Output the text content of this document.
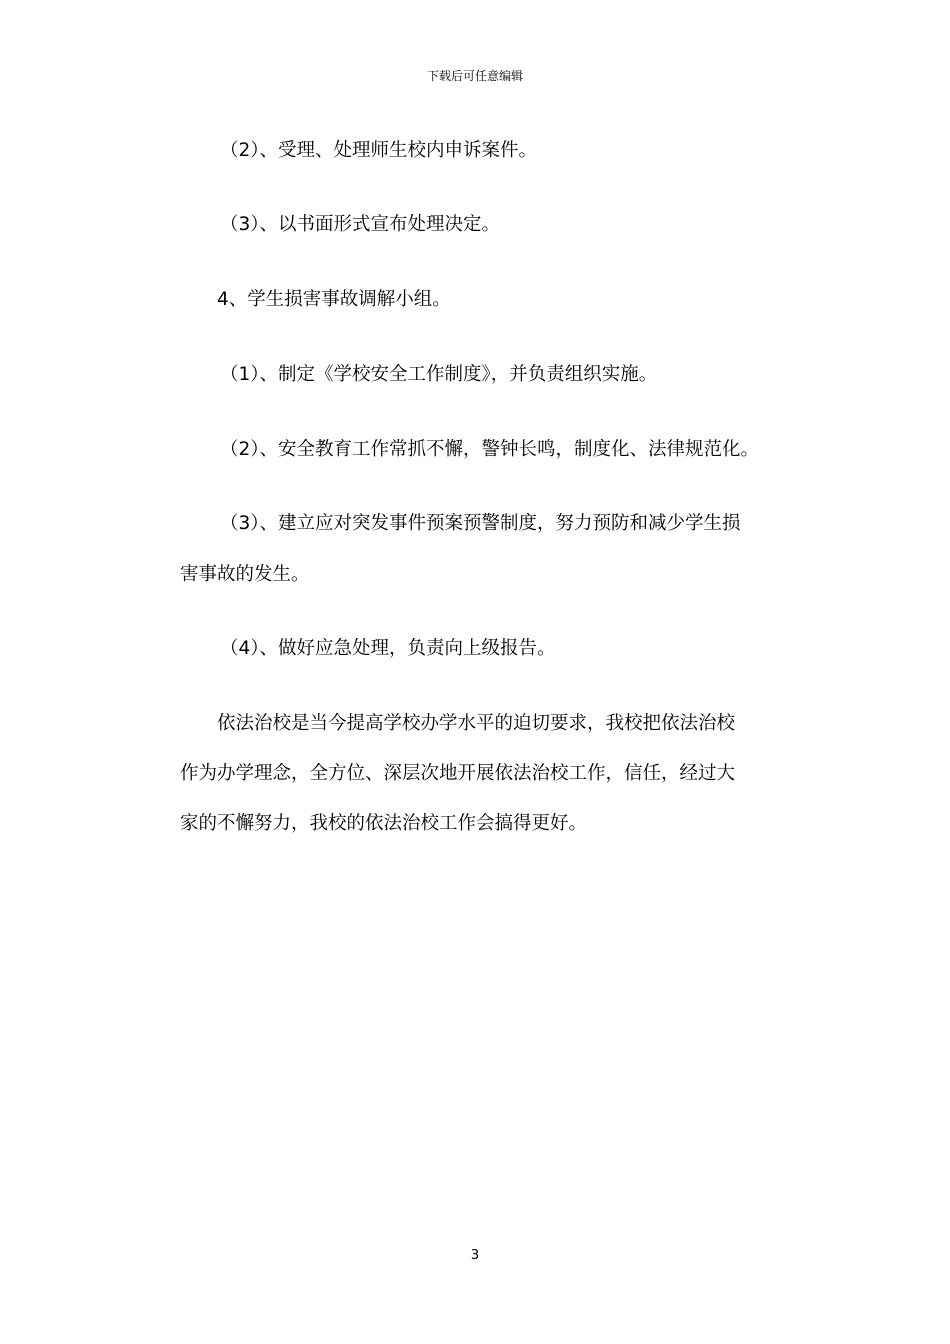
下载后可任意编辑
（2）、受理、处理师生校内申诉案件。
（3）、以书面形式宣布处理决定。
4、学生损害事故调解小组。
（1）、制定《学校安全工作制度》，并负责组织实施。
（2）、安全教育工作常抓不懈，警钟长鸣，制度化、法律规范化。
（3）、建立应对突发事件预案预警制度，努力预防和减少学生损
害事故的发生。
（4）、做好应急处理，负责向上级报告。
依法治校是当今提高学校办学水平的迫切要求，我校把依法治校
作为办学理念，全方位、深层次地开展依法治校工作，信任，经过大
家的不懈努力，我校的依法治校工作会搞得更好。
3
